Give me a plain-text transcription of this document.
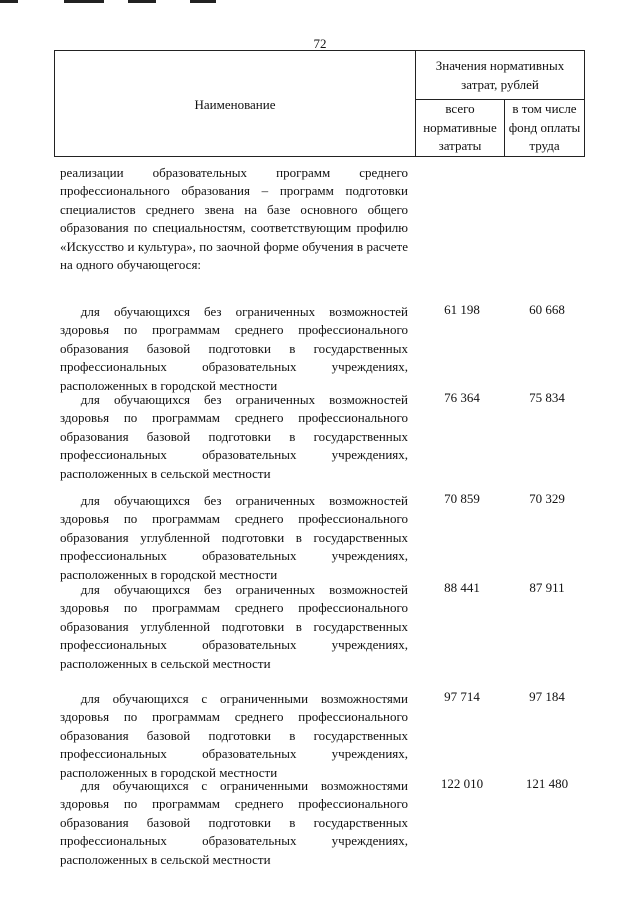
72
Наименование
Значения нормативных затрат, рублей
всего нормативные затраты
в том числе фонд оплаты труда
реализации образовательных программ среднего профессионального образования – программ подготовки специалистов среднего звена на базе основного общего образования по специальностям, соответствующим профилю «Искусство и культура», по заочной форме обучения в расчете на одного обучающегося:
для обучающихся без ограниченных возможностей здоровья по программам среднего профессионального образования базовой подготовки в государственных профессиональных образовательных учреждениях, расположенных в городской местности
61 198	60 668
для обучающихся без ограниченных возможностей здоровья по программам среднего профессионального образования базовой подготовки в государственных профессиональных образовательных учреждениях, расположенных в сельской местности
76 364	75 834
для обучающихся без ограниченных возможностей здоровья по программам среднего профессионального образования углубленной подготовки в государственных профессиональных образовательных учреждениях, расположенных в городской местности
70 859	70 329
для обучающихся без ограниченных возможностей здоровья по программам среднего профессионального образования углубленной подготовки в государственных профессиональных образовательных учреждениях, расположенных в сельской местности
88 441	87 911
для обучающихся с ограниченными возможностями здоровья по программам среднего профессионального образования базовой подготовки в государственных профессиональных образовательных учреждениях, расположенных в городской местности
97 714	97 184
для обучающихся с ограниченными возможностями здоровья по программам среднего профессионального образования базовой подготовки в государственных профессиональных образовательных учреждениях, расположенных в сельской местности
122 010	121 480
